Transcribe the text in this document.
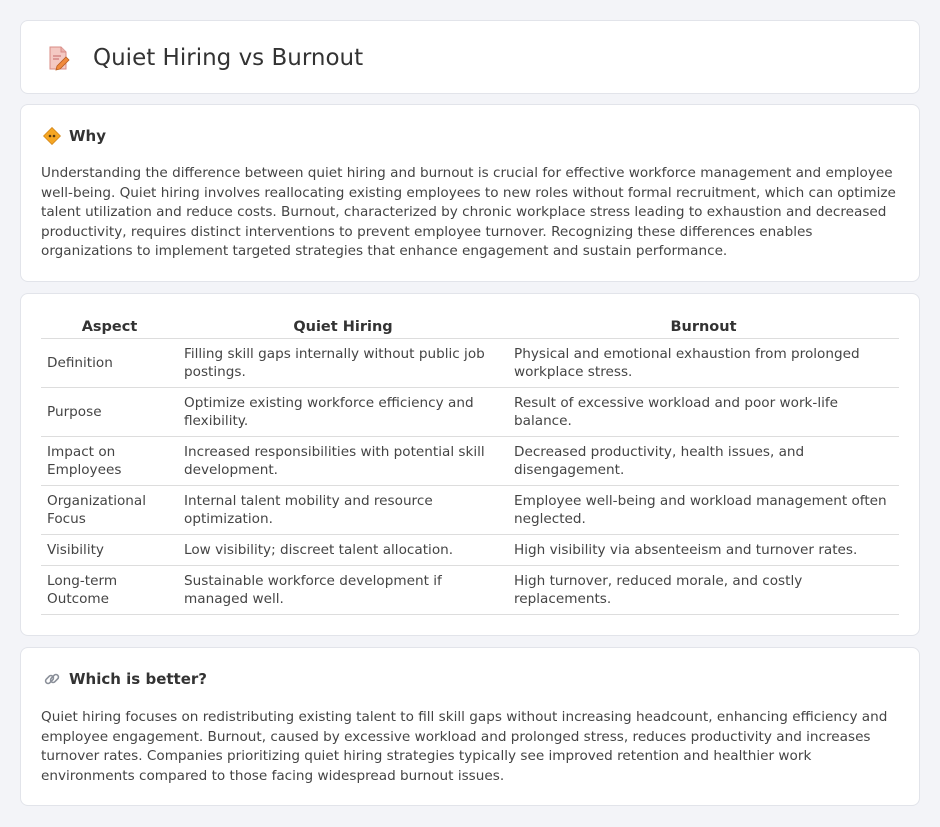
Quiet Hiring vs Burnout
Why

Understanding the difference between quiet hiring and burnout is crucial for effective workforce management and employee well-being. Quiet hiring involves reallocating existing employees to new roles without formal recruitment, which can optimize talent utilization and reduce costs. Burnout, characterized by chronic workplace stress leading to exhaustion and decreased productivity, requires distinct interventions to prevent employee turnover. Recognizing these differences enables organizations to implement targeted strategies that enhance engagement and sustain performance.

Aspect	Quiet Hiring	Burnout
Definition	Filling skill gaps internally without public job postings.	Physical and emotional exhaustion from prolonged workplace stress.
Purpose	Optimize existing workforce efficiency and flexibility.	Result of excessive workload and poor work-life balance.
Impact on Employees	Increased responsibilities with potential skill development.	Decreased productivity, health issues, and disengagement.
Organizational Focus	Internal talent mobility and resource optimization.	Employee well-being and workload management often neglected.
Visibility	Low visibility; discreet talent allocation.	High visibility via absenteeism and turnover rates.
Long-term Outcome	Sustainable workforce development if managed well.	High turnover, reduced morale, and costly replacements.
Which is better?

Quiet hiring focuses on redistributing existing talent to fill skill gaps without increasing headcount, enhancing efficiency and employee engagement. Burnout, caused by excessive workload and prolonged stress, reduces productivity and increases turnover rates. Companies prioritizing quiet hiring strategies typically see improved retention and healthier work environments compared to those facing widespread burnout issues.
